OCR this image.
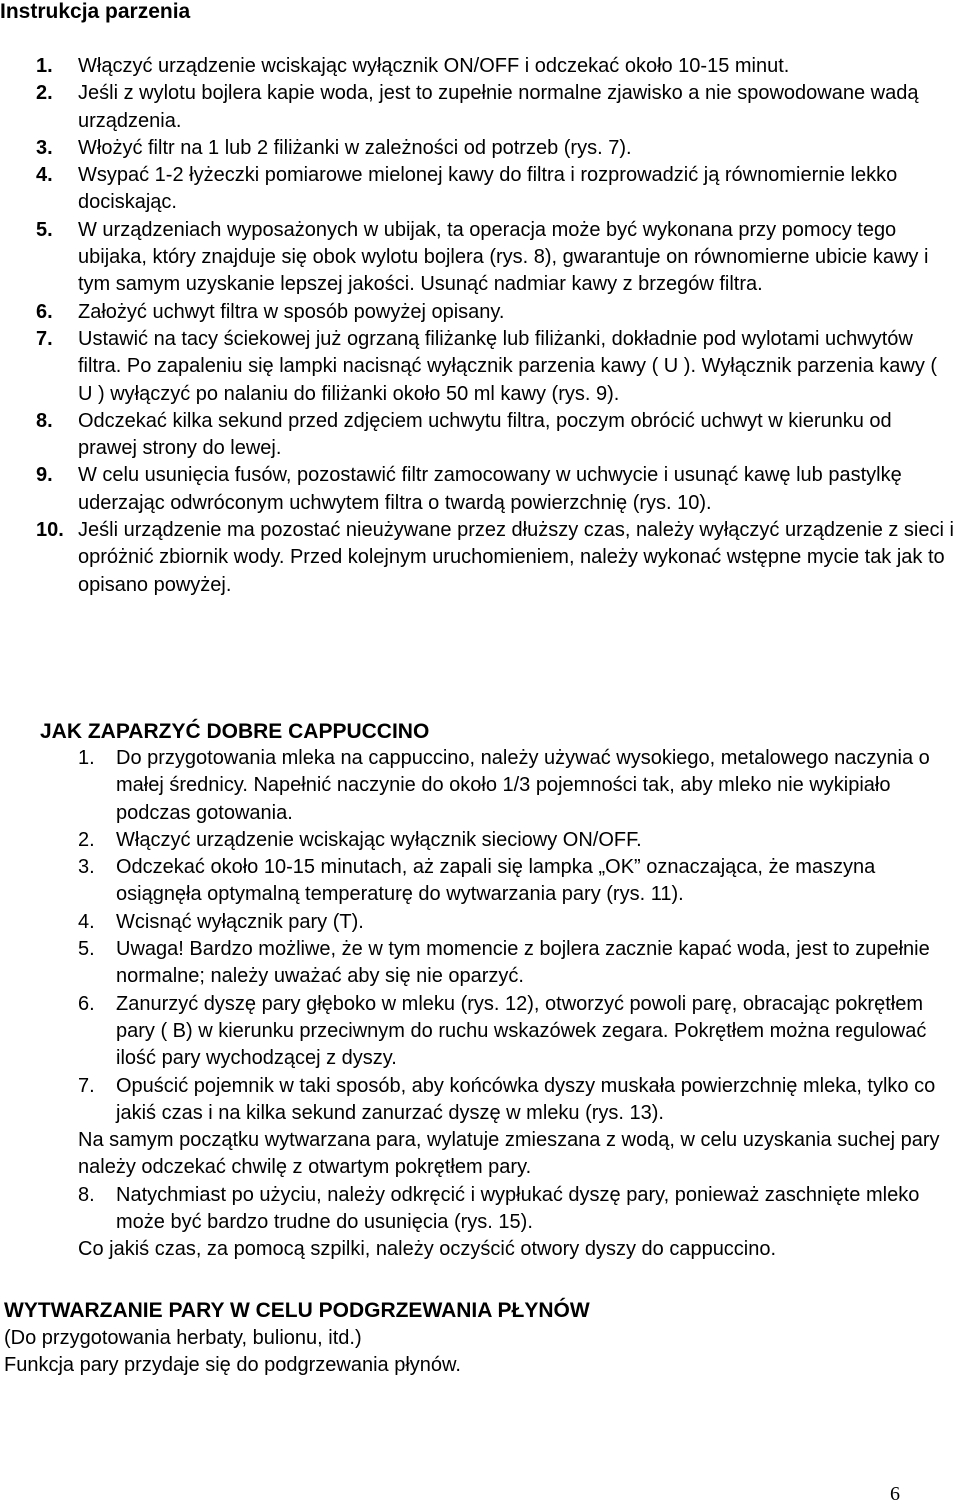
Instrukcja parzenia
1. Włączyć urządzenie wciskając wyłącznik ON/OFF i odczekać około 10-15 minut.
2. Jeśli z wylotu bojlera kapie woda, jest to zupełnie normalne zjawisko a nie spowodowane wadą urządzenia.
3. Włożyć filtr na 1 lub 2 filiżanki w zależności od potrzeb (rys. 7).
4. Wsypać 1-2 łyżeczki pomiarowe mielonej kawy do filtra i rozprowadzić ją równomiernie lekko dociskając.
5. W urządzeniach wyposażonych w ubijak, ta operacja może być wykonana przy pomocy tego ubijaka, który znajduje się obok wylotu bojlera (rys. 8), gwarantuje on równomierne ubicie kawy i tym samym uzyskanie lepszej jakości. Usunąć nadmiar kawy z brzegów filtra.
6. Założyć uchwyt filtra w sposób powyżej opisany.
7. Ustawić na tacy ściekowej już ogrzaną filiżankę lub filiżanki, dokładnie pod wylotami uchwytów filtra. Po zapaleniu się lampki nacisnąć wyłącznik parzenia kawy ( U ). Wyłącznik parzenia kawy ( U ) wyłączyć po nalaniu do filiżanki około 50 ml kawy (rys. 9).
8. Odczekać kilka sekund przed zdjęciem uchwytu filtra, poczym obrócić uchwyt w kierunku od prawej strony do lewej.
9. W celu usunięcia fusów, pozostawić filtr zamocowany w uchwycie i usunąć kawę lub pastylkę uderzając odwróconym uchwytem filtra o twardą powierzchnię (rys. 10).
10. Jeśli urządzenie ma pozostać nieużywane przez dłuższy czas, należy wyłączyć urządzenie z sieci i opróżnić zbiornik wody. Przed kolejnym uruchomieniem, należy wykonać wstępne mycie tak jak to opisano powyżej.
JAK ZAPARZYĆ DOBRE CAPPUCCINO
1. Do przygotowania mleka na cappuccino, należy używać wysokiego, metalowego naczynia o małej średnicy. Napełnić naczynie do około 1/3 pojemności tak, aby mleko nie wykipiało podczas gotowania.
2. Włączyć urządzenie wciskając wyłącznik sieciowy ON/OFF.
3. Odczekać około 10-15 minutach, aż zapali się lampka „OK” oznaczająca, że maszyna osiągnęła optymalną temperaturę do wytwarzania pary (rys. 11).
4. Wcisnąć wyłącznik pary (T).
5. Uwaga! Bardzo możliwe, że w tym momencie z bojlera zacznie kapać woda, jest to zupełnie normalne; należy uważać aby się nie oparzyć.
6. Zanurzyć dyszę pary głęboko w mleku (rys. 12), otworzyć powoli parę, obracając pokrętłem pary ( B) w kierunku przeciwnym do ruchu wskazówek zegara. Pokrętłem można regulować ilość pary wychodzącej z dyszy.
7. Opuścić pojemnik w taki sposób, aby końcówka dyszy muskała powierzchnię mleka, tylko co jakiś czas i na kilka sekund zanurzać dyszę w mleku (rys. 13).
Na samym początku wytwarzana para, wylatuje zmieszana z wodą, w celu uzyskania suchej pary należy odczekać chwilę z otwartym pokrętłem pary.
8. Natychmiast po użyciu, należy odkręcić i wypłukać dyszę pary, ponieważ zaschnięte mleko może być bardzo trudne do usunięcia (rys. 15).
Co jakiś czas, za pomocą szpilki, należy oczyścić otwory dyszy do cappuccino.
WYTWARZANIE PARY W CELU PODGRZEWANIA PŁYNÓW
(Do przygotowania herbaty, bulionu, itd.)
Funkcja pary przydaje się do podgrzewania płynów.
6
